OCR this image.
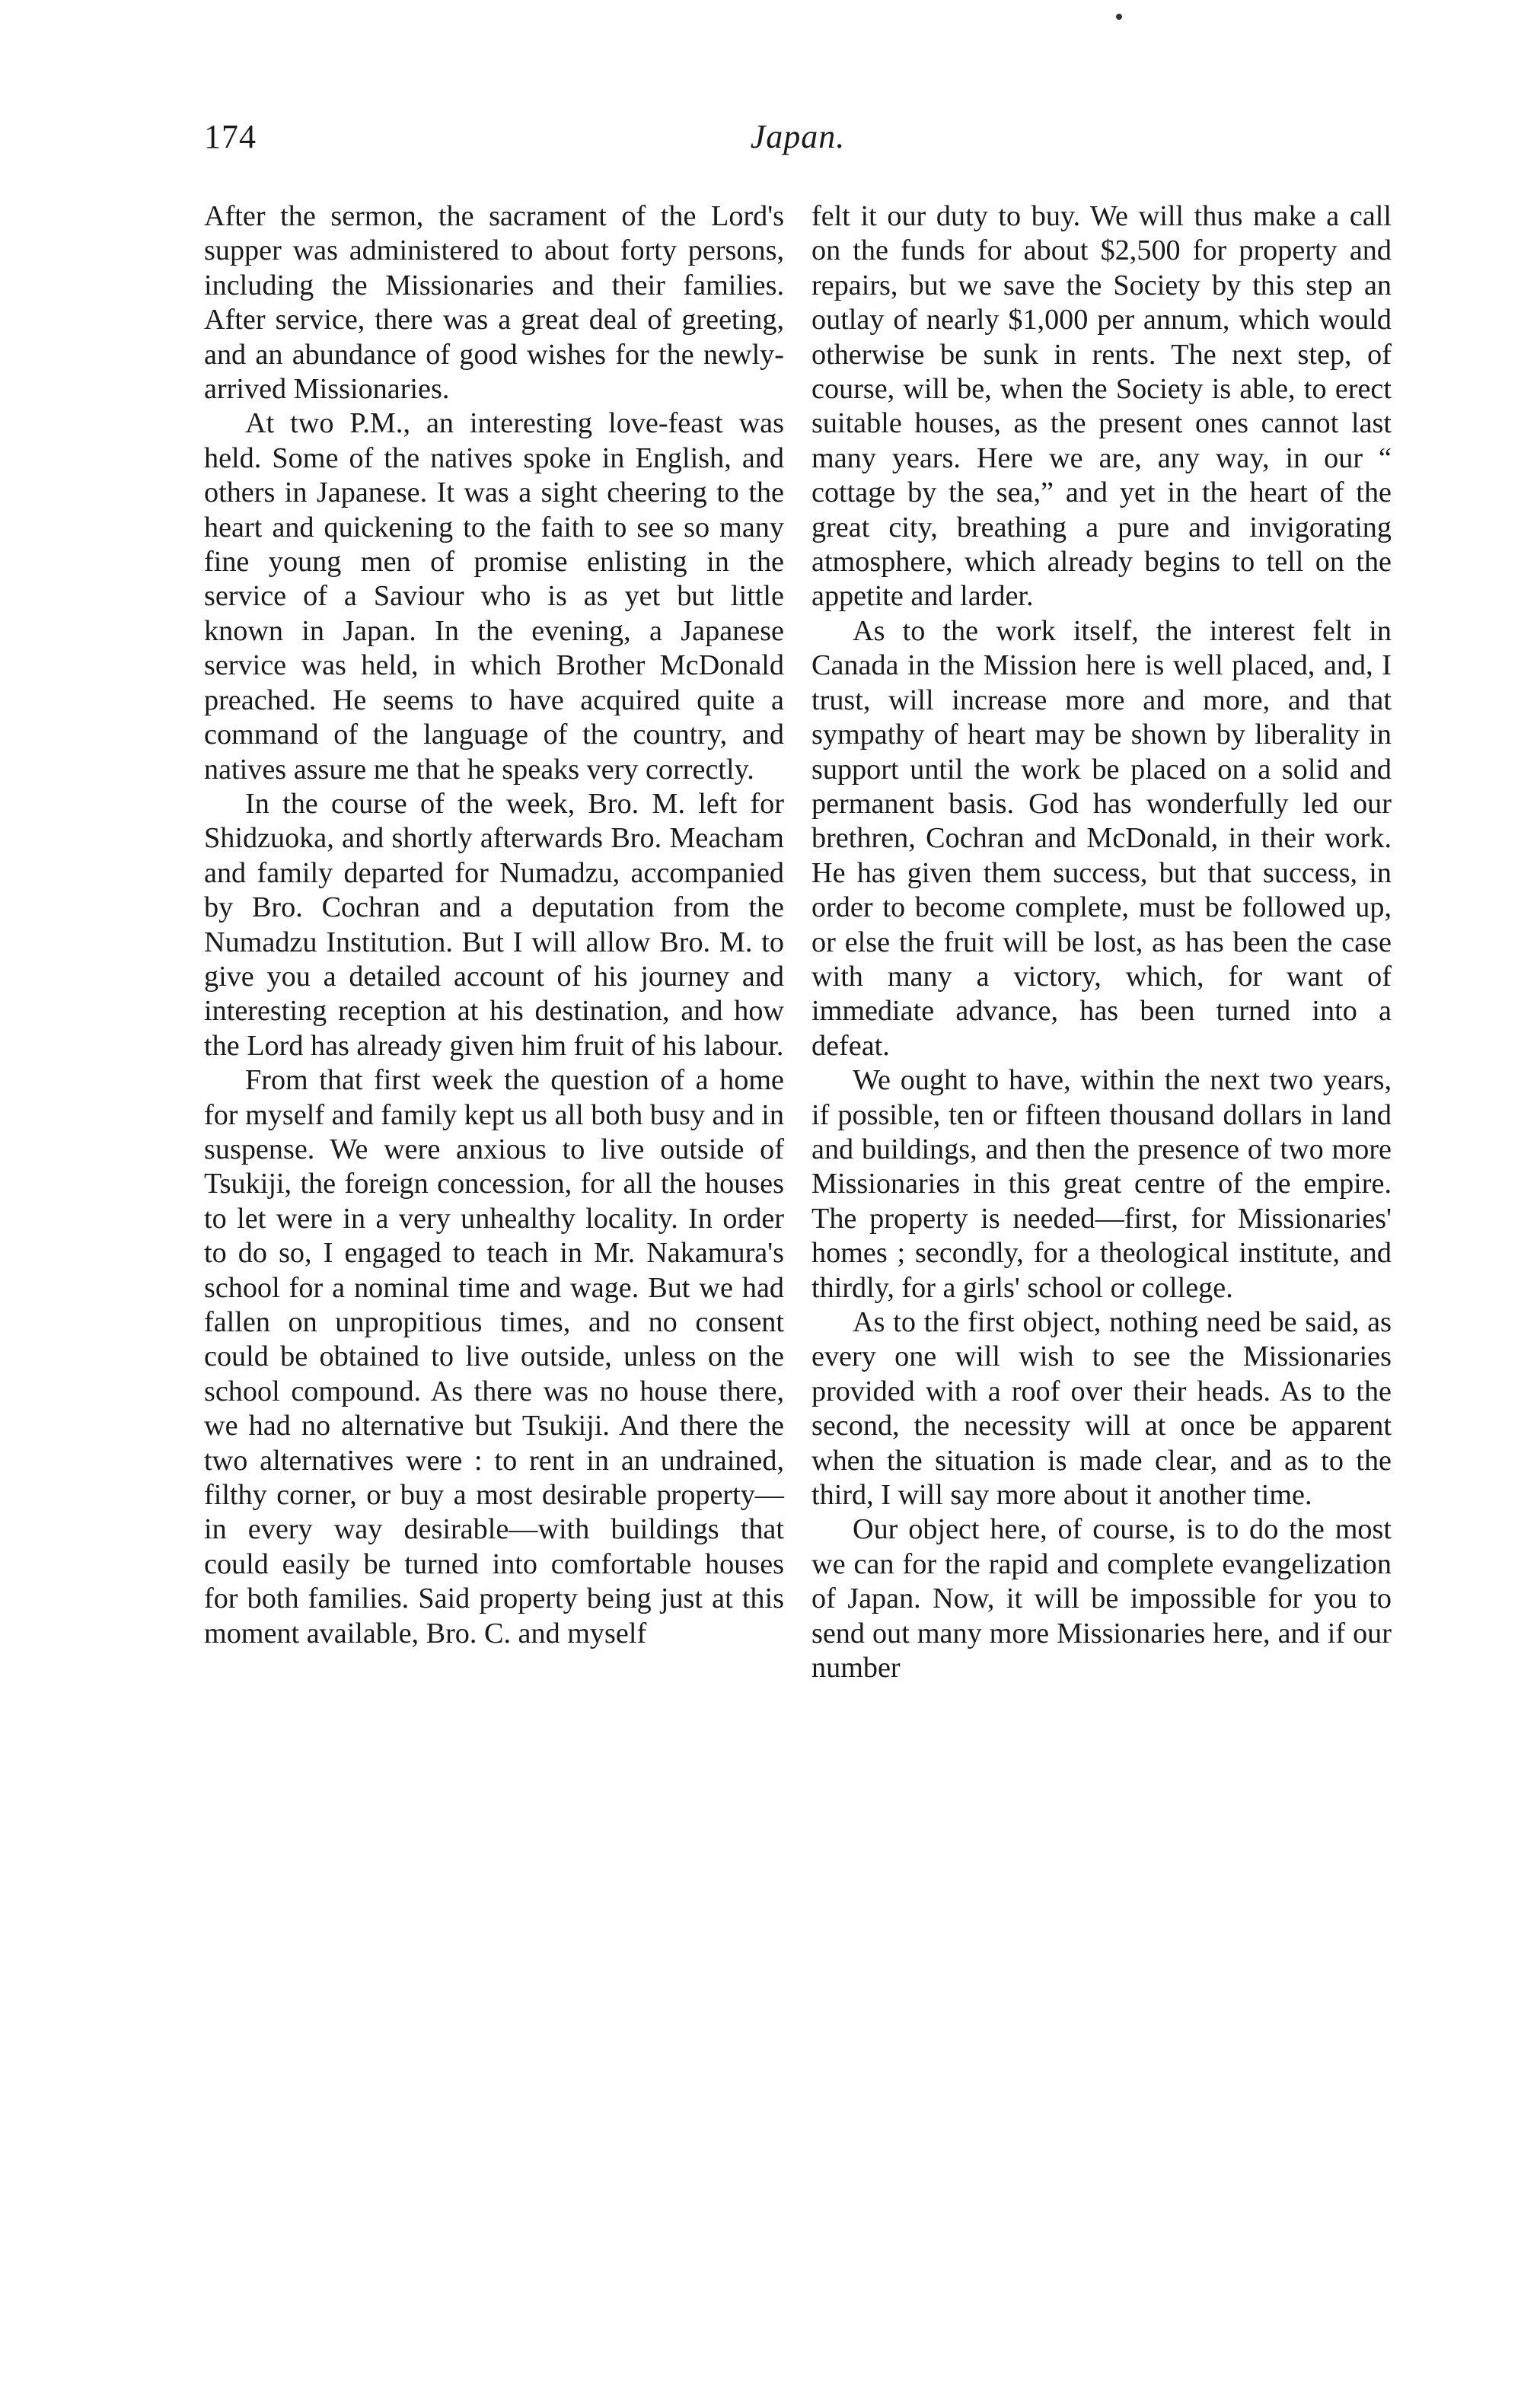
174	Japan.

After the sermon, the sacrament of the Lord's supper was administered to about forty persons, including the Missionaries and their families. After service, there was a great deal of greeting, and an abundance of good wishes for the newly-arrived Missionaries.

At two P.M., an interesting love-feast was held. Some of the natives spoke in English, and others in Japanese. It was a sight cheering to the heart and quickening to the faith to see so many fine young men of promise enlisting in the service of a Saviour who is as yet but little known in Japan. In the evening, a Japanese service was held, in which Brother McDonald preached. He seems to have acquired quite a command of the language of the country, and natives assure me that he speaks very correctly.

In the course of the week, Bro. M. left for Shidzuoka, and shortly afterwards Bro. Meacham and family departed for Numadzu, accompanied by Bro. Cochran and a deputation from the Numadzu Institution. But I will allow Bro. M. to give you a detailed account of his journey and interesting reception at his destination, and how the Lord has already given him fruit of his labour.

From that first week the question of a home for myself and family kept us all both busy and in suspense. We were anxious to live outside of Tsukiji, the foreign concession, for all the houses to let were in a very unhealthy locality. In order to do so, I engaged to teach in Mr. Nakamura's school for a nominal time and wage. But we had fallen on unpropitious times, and no consent could be obtained to live outside, unless on the school compound. As there was no house there, we had no alternative but Tsukiji. And there the two alternatives were : to rent in an undrained, filthy corner, or buy a most desirable property— in every way desirable—with buildings that could easily be turned into comfortable houses for both families. Said property being just at this moment available, Bro. C. and myself

felt it our duty to buy. We will thus make a call on the funds for about $2,500 for property and repairs, but we save the Society by this step an outlay of nearly $1,000 per annum, which would otherwise be sunk in rents. The next step, of course, will be, when the Society is able, to erect suitable houses, as the present ones cannot last many years. Here we are, any way, in our “ cottage by the sea,” and yet in the heart of the great city, breathing a pure and invigorating atmosphere, which already begins to tell on the appetite and larder.

As to the work itself, the interest felt in Canada in the Mission here is well placed, and, I trust, will increase more and more, and that sympathy of heart may be shown by liberality in support until the work be placed on a solid and permanent basis. God has wonderfully led our brethren, Cochran and McDonald, in their work. He has given them success, but that success, in order to become complete, must be followed up, or else the fruit will be lost, as has been the case with many a victory, which, for want of immediate advance, has been turned into a defeat.

We ought to have, within the next two years, if possible, ten or fifteen thousand dollars in land and buildings, and then the presence of two more Missionaries in this great centre of the empire. The property is needed—first, for Missionaries' homes ; secondly, for a theological institute, and thirdly, for a girls' school or college.

As to the first object, nothing need be said, as every one will wish to see the Missionaries provided with a roof over their heads. As to the second, the necessity will at once be apparent when the situation is made clear, and as to the third, I will say more about it another time.

Our object here, of course, is to do the most we can for the rapid and complete evangelization of Japan. Now, it will be impossible for you to send out many more Missionaries here, and if our number
